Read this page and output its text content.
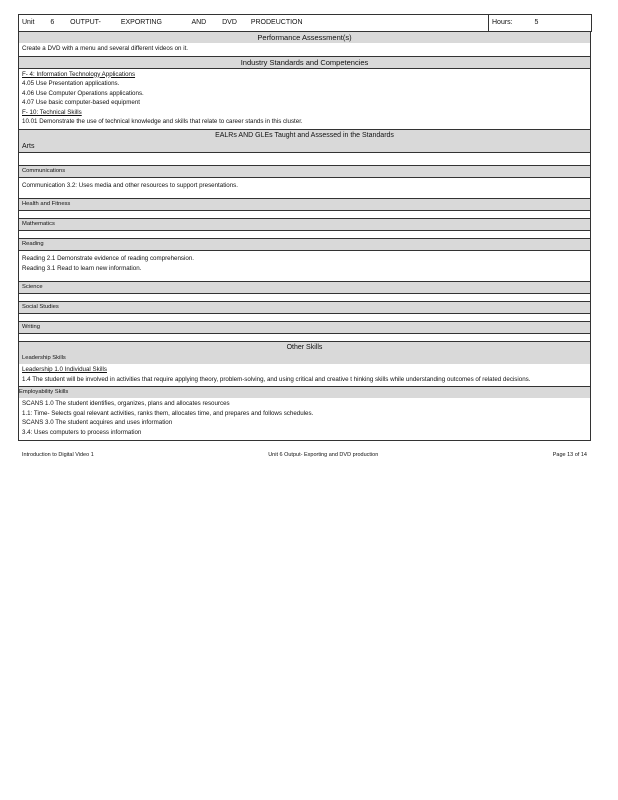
Unit 6 OUTPUT-	EXPORTING	AND DVD PRODEUCTION	Hours:	5
Performance Assessment(s)
Create a DVD with a menu and several different videos on it.
Industry Standards and Competencies
F- 4: Information Technology Applications
4.05 Use Presentation applications.
4.06 Use Computer Operations applications.
4.07 Use basic computer-based equipment
F- 10: Technical Skills
10.01 Demonstrate the use of technical knowledge and skills that relate to career stands in this cluster.
EALRs AND GLEs Taught and Assessed in the Standards
Arts
Communications
Communication 3.2: Uses media and other resources to support presentations.
Health and Fitness
Mathematics
Reading
Reading 2.1 Demonstrate evidence of reading comprehension.
Reading 3.1 Read to learn new information.
Science
Social Studies
Writing
Other Skills
Leadership Skills
Leadership 1.0 Individual Skills
1.4 The student will be involved in activities that require applying theory, problem-solving, and using critical and creative t hinking skills while understanding outcomes of related decisions.
Employability Skills
SCANS 1.0 The student identifies, organizes, plans and allocates resources
1.1: Time- Selects goal relevant activities, ranks them, allocates time, and prepares and follows schedules.
SCANS 3.0 The student acquires and uses information
3.4: Uses computers to process information
Introduction to Digital Video 1	Unit 6 Output- Exporting and DVD production	Page 13 of 14
